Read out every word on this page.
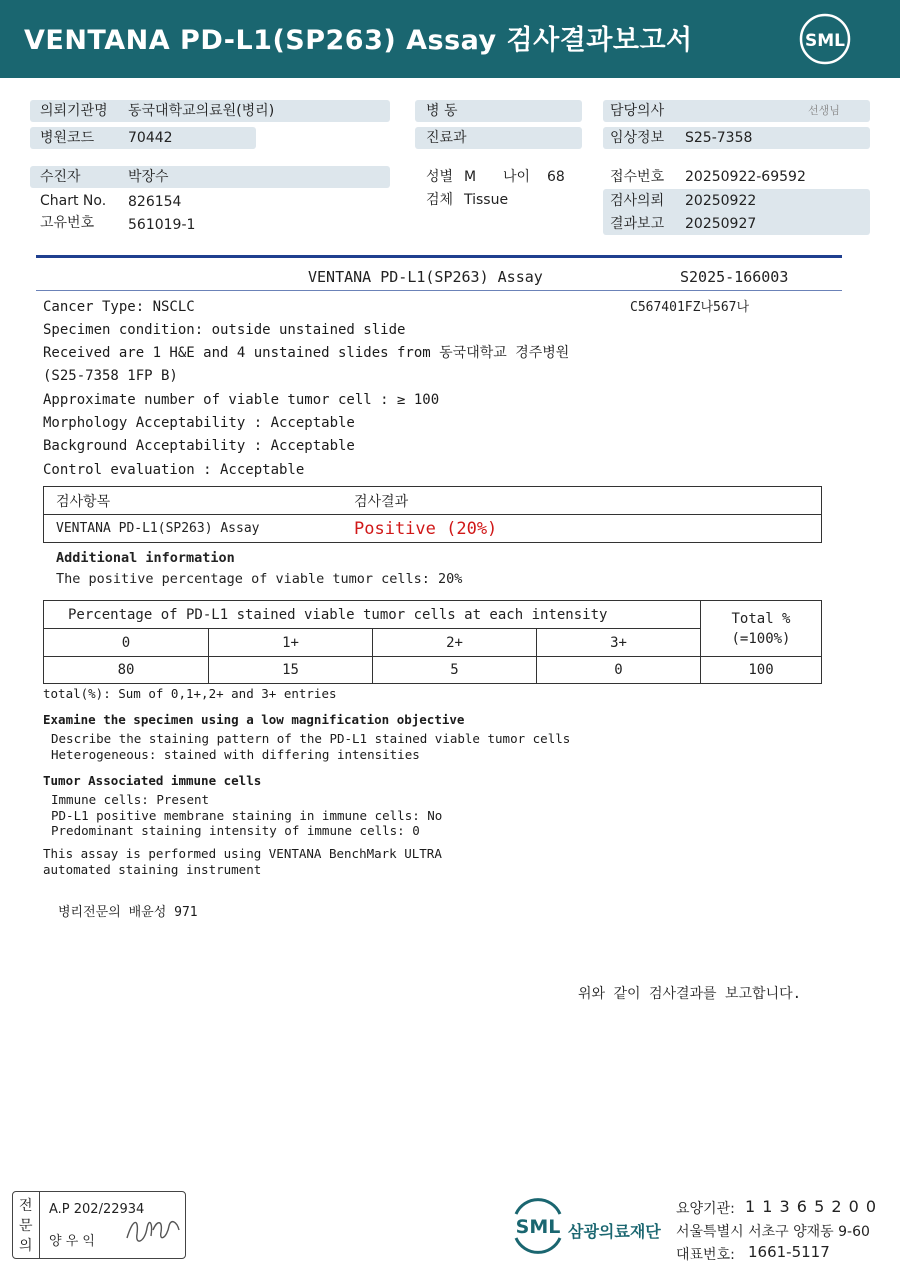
VENTANA PD-L1(SP263) Assay 검사결과보고서	SML
의뢰기관명 동국대학교의료원(병리)
병원코드 70442
수진자	박장수
Chart No. 826154
고유번호 561019-1
병 동
진료과
성별 M 나이 68
검체 Tissue
담당의사	선생님
임상정보 S25-7358
접수번호 20250922-69592
검사의뢰 20250922
결과보고 20250927
VENTANA PD-L1(SP263) Assay	S2025-166003
C567401FZ나567나
Cancer Type: NSCLC
Specimen condition: outside unstained slide
Received are 1 H&E and 4 unstained slides from 동국대학교 경주병원
(S25-7358 1FP B)
Approximate number of viable tumor cell : ≥ 100
Morphology Acceptability : Acceptable
Background Acceptability : Acceptable
Control evaluation : Acceptable
검사항목	검사결과
VENTANA PD-L1(SP263) Assay	Positive (20%)
Additional information
The positive percentage of viable tumor cells: 20%
Percentage of PD-L1 stained viable tumor cells at each intensity				Total %
(=100%)

0	1+	2+	3+	
80	15	5	0	100
total(%): Sum of 0,1+,2+ and 3+ entries
Examine the specimen using a low magnification objective
Describe the staining pattern of the PD-L1 stained viable tumor cells
Heterogeneous: stained with differing intensities
Tumor Associated immune cells
Immune cells: Present
PD-L1 positive membrane staining in immune cells: No
Predominant staining intensity of immune cells: 0
This assay is performed using VENTANA BenchMark ULTRA
automated staining instrument
병리전문의 배윤성 971
위와 같이 검사결과를 보고합니다.
전
문
의
A.P 202/22934
양 우 익
SML 삼광의료재단
요양기관: 1 1 3 6 5 2 0 0
서울특별시 서초구 양재동 9-60
대표번호: 1661-5117
